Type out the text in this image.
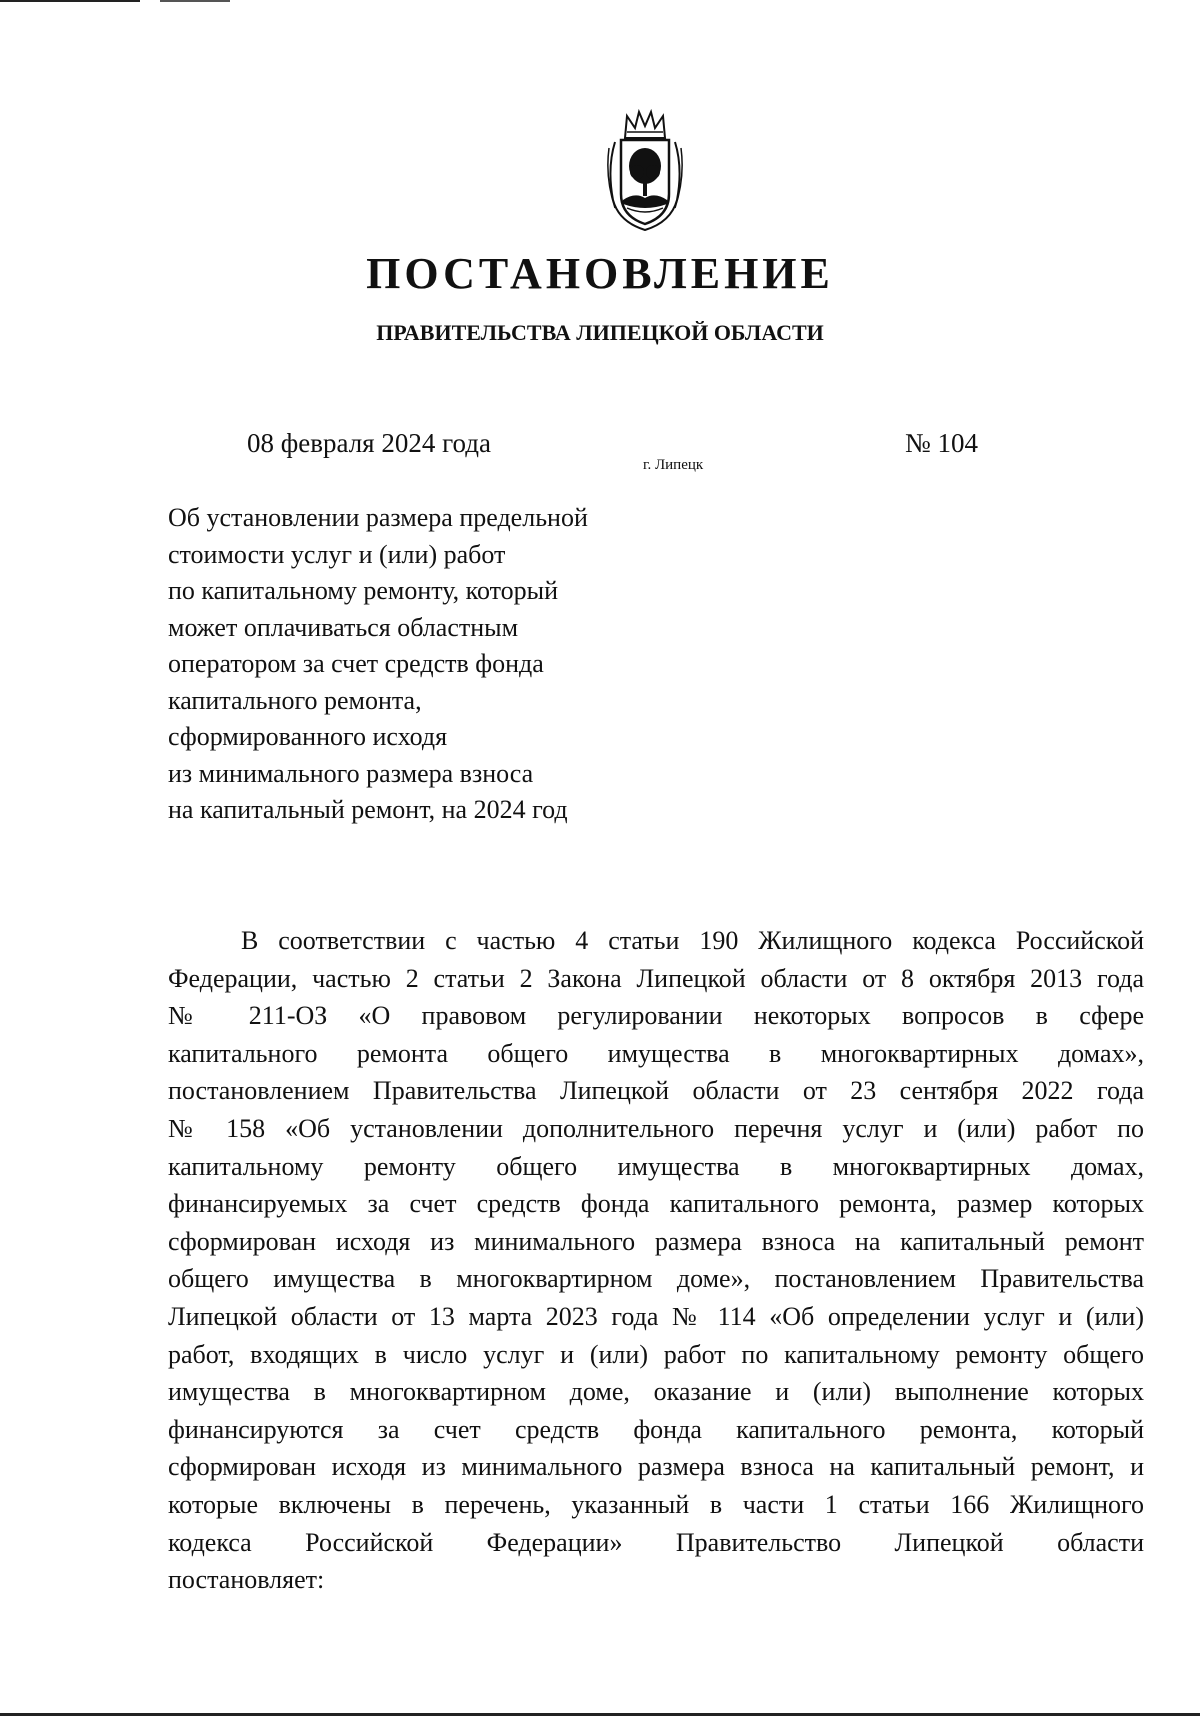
ПОСТАНОВЛЕНИЕ
ПРАВИТЕЛЬСТВА ЛИПЕЦКОЙ ОБЛАСТИ
08 февраля 2024 года
г. Липецк
№ 104
Об установлении размера предельной
стоимости услуг и (или) работ
по капитальному ремонту, который
может оплачиваться областным
оператором за счет средств фонда
капитального ремонта,
сформированного исходя
из минимального размера взноса
на капитальный ремонт, на 2024 год
В соответствии с частью 4 статьи 190 Жилищного кодекса Российской
Федерации, частью 2 статьи 2 Закона Липецкой области от 8 октября 2013 года
№ 211-ОЗ «О правовом регулировании некоторых вопросов в сфере
капитального ремонта общего имущества в многоквартирных домах»,
постановлением Правительства Липецкой области от 23 сентября 2022 года
№ 158 «Об установлении дополнительного перечня услуг и (или) работ по
капитальному ремонту общего имущества в многоквартирных домах,
финансируемых за счет средств фонда капитального ремонта, размер которых
сформирован исходя из минимального размера взноса на капитальный ремонт
общего имущества в многоквартирном доме», постановлением Правительства
Липецкой области от 13 марта 2023 года № 114 «Об определении услуг и (или)
работ, входящих в число услуг и (или) работ по капитальному ремонту общего
имущества в многоквартирном доме, оказание и (или) выполнение которых
финансируются за счет средств фонда капитального ремонта, который
сформирован исходя из минимального размера взноса на капитальный ремонт, и
которые включены в перечень, указанный в части 1 статьи 166 Жилищного
кодекса Российской Федерации» Правительство Липецкой области
постановляет:
